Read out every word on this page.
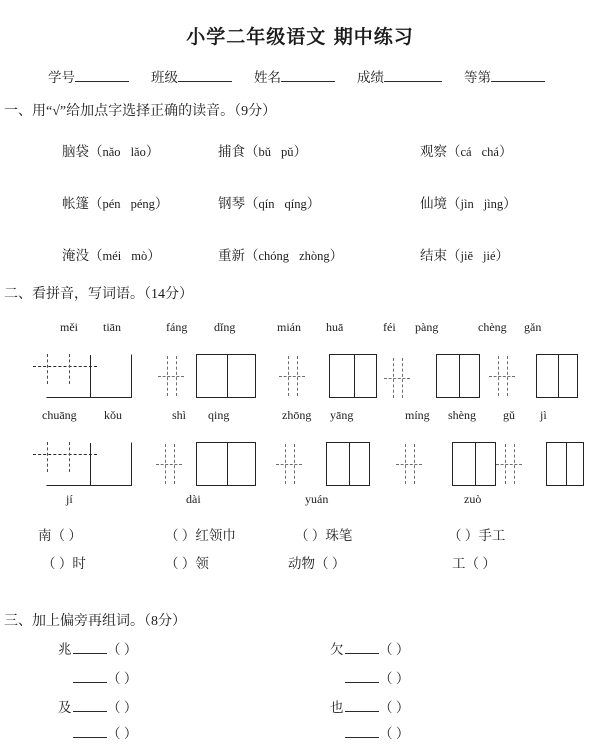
小学二年级语文 期中练习
学号	班级	姓名	成绩	等第
一、用“√”给加点字选择正确的读音。（9分）
脑袋（nǎo lǎo）	捕食（bǔ pǔ）	观察（cá chá）
帐篷（pén péng）	钢琴（qín qíng）	仙境（jìn jìng）
淹没（méi mò）	重新（chóng zhòng）	结束（jiě jié）
二、看拼音，写词语。（14分）
měi tiān	fáng dǐng	mián huā	féi pàng	chèng gǎn
chuāng kǒu	shì qing	zhōng yāng	míng shèng gǔ jì
jí	dài	yuán	zuò
南（ ）	（ ）红领巾	（ ）珠笔	（ ）手工
（ ）时	（ ）领	动物（ ）	工（ ）
三、加上偏旁再组词。（8分）
兆	（ ）	欠	（ ）
（ ）	（ ）
及	（ ）	也	（ ）
（ ）	（ ）
